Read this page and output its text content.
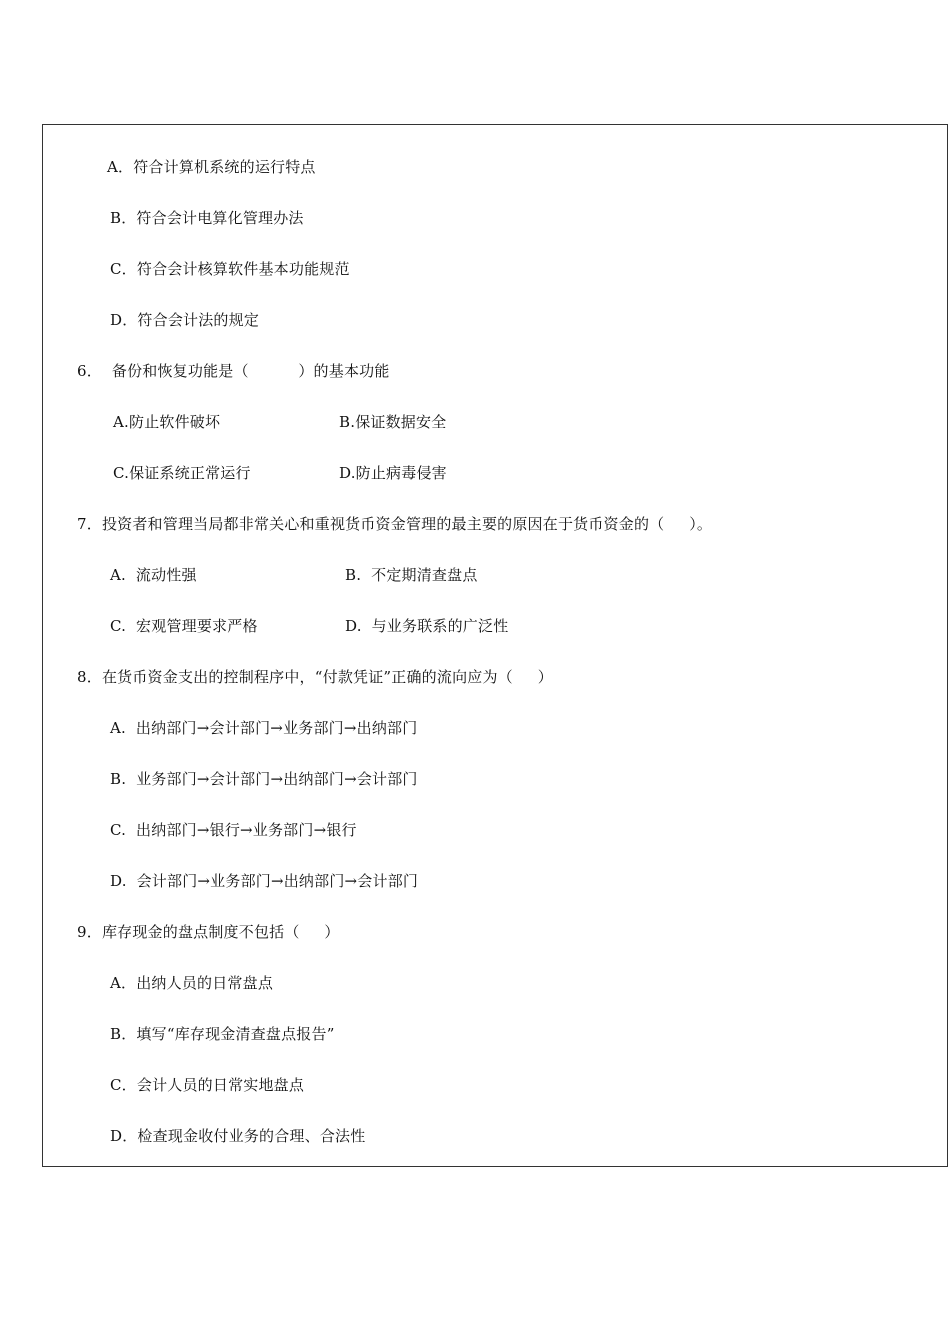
A．符合计算机系统的运行特点
B．符合会计电算化管理办法
C．符合会计核算软件基本功能规范
D．符合会计法的规定
6．  备份和恢复功能是（          ）的基本功能
A.防止软件破坏	B.保证数据安全
C.保证系统正常运行	D.防止病毒侵害
7．投资者和管理当局都非常关心和重视货币资金管理的最主要的原因在于货币资金的（     ）。
A.  流动性强	B.  不定期清查盘点
C.  宏观管理要求严格	D.  与业务联系的广泛性
8．在货币资金支出的控制程序中，“付款凭证”正确的流向应为（     ）
A.  出纳部门→会计部门→业务部门→出纳部门
B.  业务部门→会计部门→出纳部门→会计部门
C.  出纳部门→银行→业务部门→银行
D.  会计部门→业务部门→出纳部门→会计部门
9．库存现金的盘点制度不包括（     ）
A．出纳人员的日常盘点
B．填写“库存现金清查盘点报告”
C．会计人员的日常实地盘点
D．检查现金收付业务的合理、合法性
